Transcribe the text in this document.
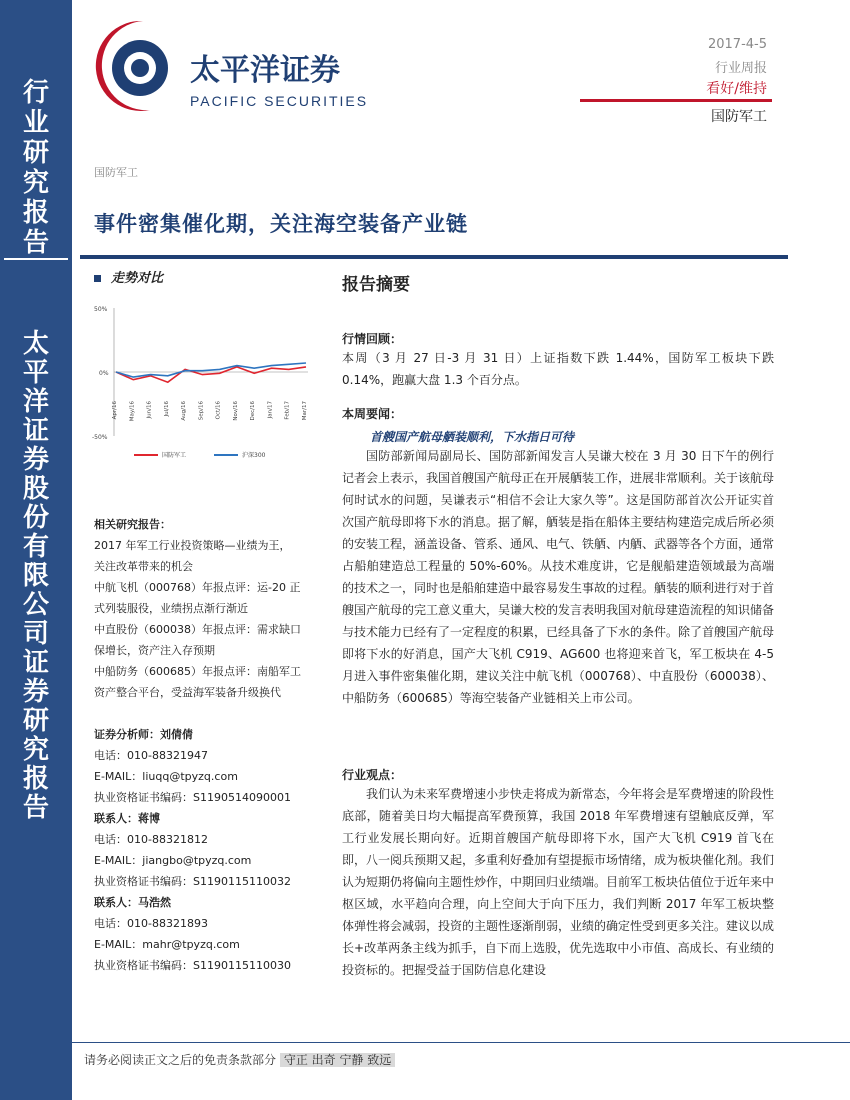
行
业
研
究
报
告
太
平
洋
证
券
股
份
有
限
公
司
证
券
研
究
报
告
太平洋证券
PACIFIC SECURITIES
2017-4-5
行业周报
看好/维持
国防军工
国防军工
事件密集催化期，关注海空装备产业链
走势对比
50%
0%
-50%
Apr/16 May/16 Jun/16 Jul/16 Aug/16 Sep/16 Oct/16 Nov/16 Dec/16 Jan/17 Feb/17 Mar/17
国防军工	沪深300
相关研究报告：
2017 年军工行业投资策略—业绩为王，
关注改革带来的机会
中航飞机（000768）年报点评：运-20 正
式列装服役，业绩拐点渐行渐近
中直股份（600038）年报点评：需求缺口
保增长，资产注入存预期
中船防务（600685）年报点评：南船军工
资产整合平台，受益海军装备升级换代
证券分析师：刘倩倩
电话：010-88321947
E-MAIL：liuqq@tpyzq.com
执业资格证书编码：S1190514090001
联系人：蒋博
电话：010-88321812
E-MAIL：jiangbo@tpyzq.com
执业资格证书编码：S1190115110032
联系人：马浩然
电话：010-88321893
E-MAIL：mahr@tpyzq.com
执业资格证书编码：S1190115110030
报告摘要
行情回顾：

本周（3 月 27 日-3 月 31 日）上证指数下跌 1.44%，国防军工板块下跌 0.14%，跑赢大盘 1.3 个百分点。

本周要闻：
首艘国产航母舾装顺利，下水指日可待

国防部新闻局副局长、国防部新闻发言人吴谦大校在 3 月 30 日下午的例行记者会上表示，我国首艘国产航母正在开展舾装工作，进展非常顺利。关于该航母何时试水的问题，吴谦表示“相信不会让大家久等”。这是国防部首次公开证实首次国产航母即将下水的消息。据了解，舾装是指在船体主要结构建造完成后所必须的安装工程，涵盖设备、管系、通风、电气、铁舾、内舾、武器等各个方面，通常占船舶建造总工程量的 50%-60%。从技术难度讲，它是舰船建造领域最为高端的技术之一，同时也是船舶建造中最容易发生事故的过程。舾装的顺利进行对于首艘国产航母的完工意义重大，吴谦大校的发言表明我国对航母建造流程的知识储备与技术能力已经有了一定程度的积累，已经具备了下水的条件。除了首艘国产航母即将下水的好消息，国产大飞机 C919、AG600 也将迎来首飞，军工板块在 4-5 月进入事件密集催化期，建议关注中航飞机（000768）、中直股份（600038）、中船防务（600685）等海空装备产业链相关上市公司。

行业观点：

我们认为未来军费增速小步快走将成为新常态，今年将会是军费增速的阶段性底部，随着美日均大幅提高军费预算，我国 2018 年军费增速有望触底反弹，军工行业发展长期向好。近期首艘国产航母即将下水，国产大飞机 C919 首飞在即，八一阅兵预期又起，多重利好叠加有望提振市场情绪，成为板块催化剂。我们认为短期仍将偏向主题性炒作，中期回归业绩端。目前军工板块估值位于近年来中枢区域，水平趋向合理，向上空间大于向下压力，我们判断 2017 年军工板块整体弹性将会减弱，投资的主题性逐渐削弱，业绩的确定性受到更多关注。建议以成长+改革两条主线为抓手，自下而上选股，优先选取中小市值、高成长、有业绩的投资标的。把握受益于国防信息化建设

请务必阅读正文之后的免责条款部分 守正 出奇 宁静 致远
